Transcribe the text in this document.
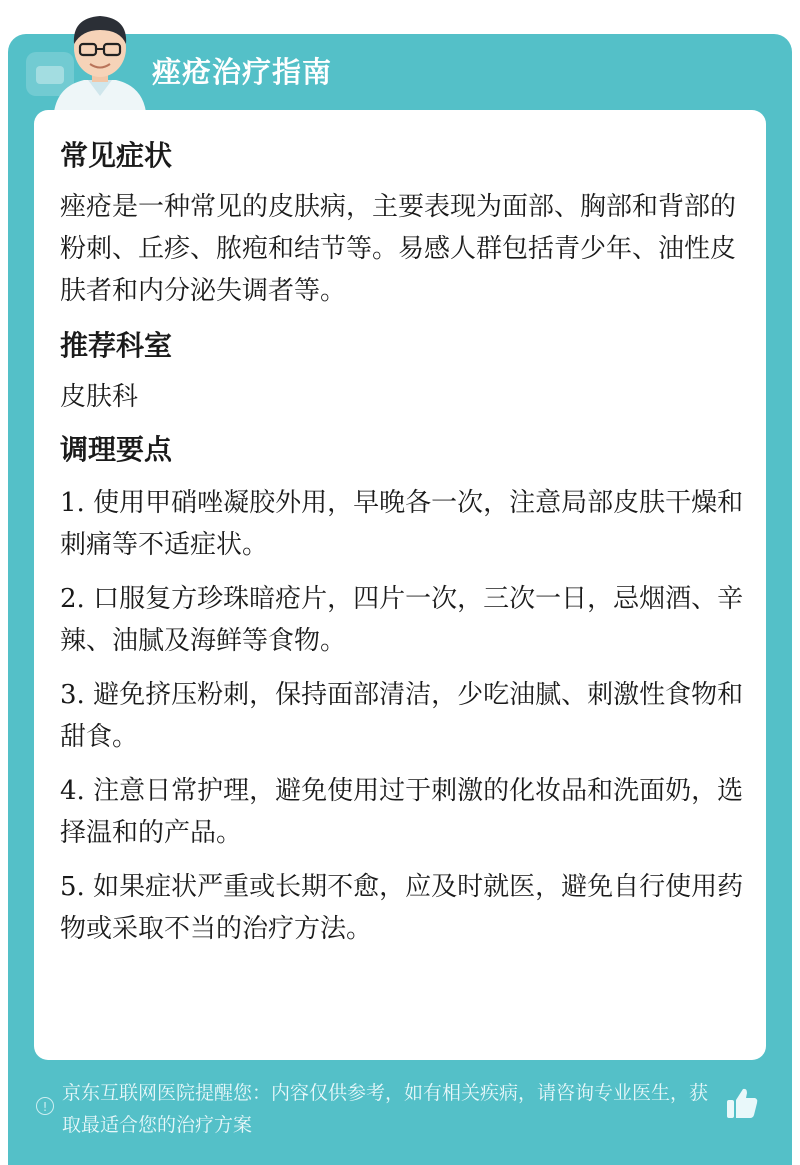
痤疮治疗指南
常见症状

痤疮是一种常见的皮肤病，主要表现为面部、胸部和背部的粉刺、丘疹、脓疱和结节等。易感人群包括青少年、油性皮肤者和内分泌失调者等。

推荐科室

皮肤科

调理要点
1. 使用甲硝唑凝胶外用，早晚各一次，注意局部皮肤干燥和刺痛等不适症状。
2. 口服复方珍珠暗疮片，四片一次，三次一日，忌烟酒、辛辣、油腻及海鲜等食物。
3. 避免挤压粉刺，保持面部清洁，少吃油腻、刺激性食物和甜食。
4. 注意日常护理，避免使用过于刺激的化妆品和洗面奶，选择温和的产品。
5. 如果症状严重或长期不愈，应及时就医，避免自行使用药物或采取不当的治疗方法。
!
京东互联网医院提醒您：内容仅供参考，如有相关疾病，请咨询专业医生，获取最适合您的治疗方案
